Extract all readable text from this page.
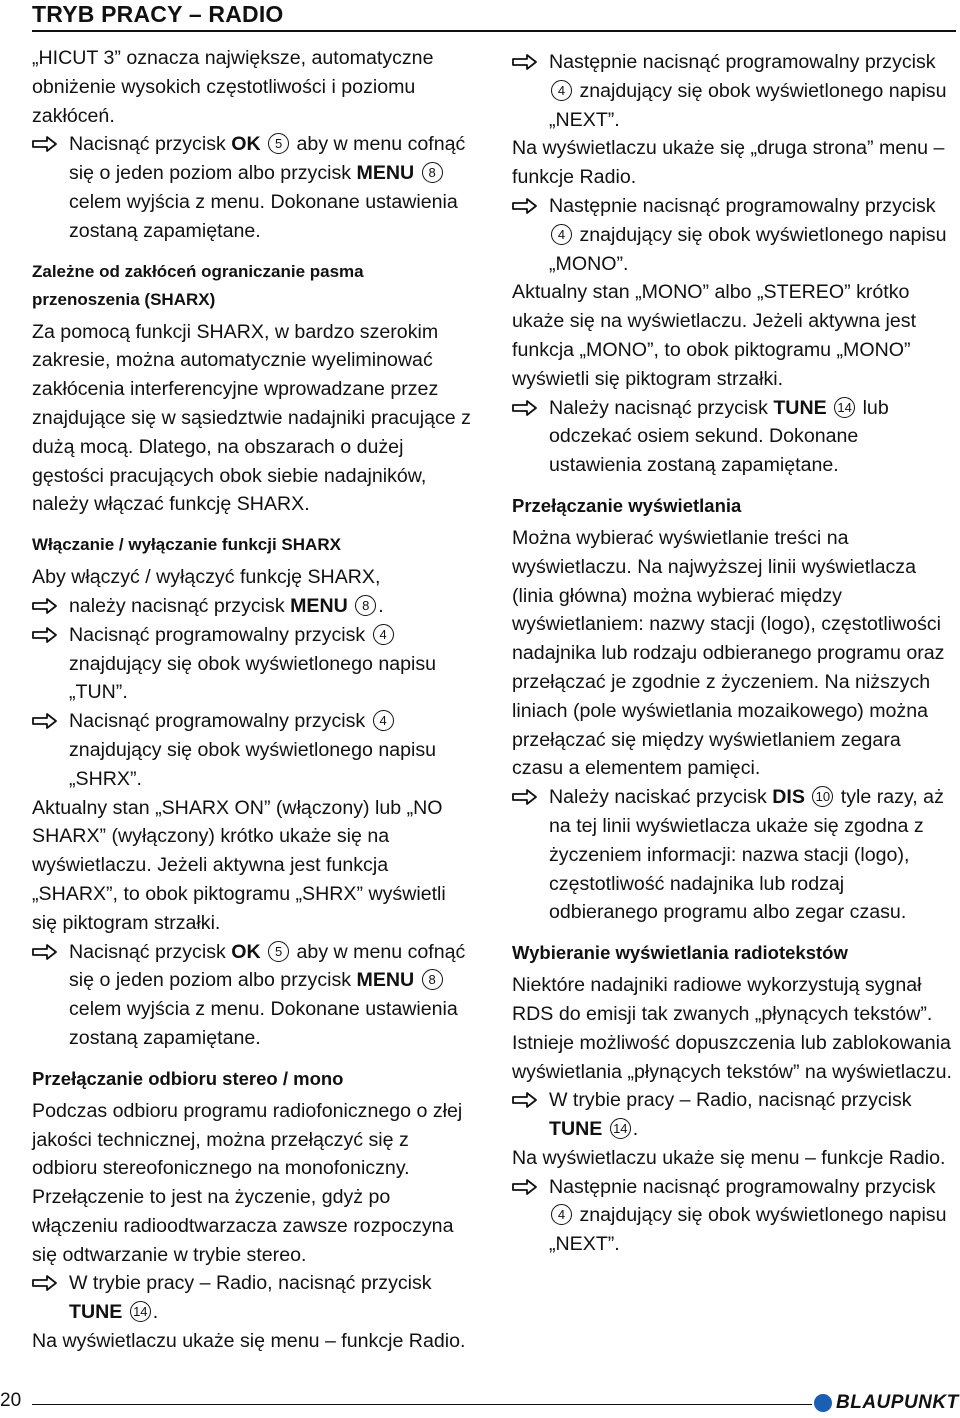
TRYB PRACY – RADIO

„HICUT 3” oznacza największe, automatyczne obniżenie wysokich częstotliwości i poziomu zakłóceń.

Nacisnąć przycisk OK 5 aby w menu cofnąć się o jeden poziom albo przycisk MENU 8 celem wyjścia z menu. Dokonane ustawienia zostaną zapamiętane.

Zależne od zakłóceń ograniczanie pasma przenoszenia (SHARX)

Za pomocą funkcji SHARX, w bardzo szerokim zakresie, można automatycznie wyeliminować zakłócenia interferencyjne wprowadzane przez znajdujące się w sąsiedztwie nadajniki pracujące z dużą mocą. Dlatego, na obszarach o dużej gęstości pracujących obok siebie nadajników, należy włączać funkcję SHARX.

Włączanie / wyłączanie funkcji SHARX

Aby włączyć / wyłączyć funkcję SHARX,

należy nacisnąć przycisk MENU 8 .

Nacisnąć programowalny przycisk 4 znajdujący się obok wyświetlonego napisu „TUN”.

Nacisnąć programowalny przycisk 4 znajdujący się obok wyświetlonego napisu „SHRX”.

Aktualny stan „SHARX ON” (włączony) lub „NO SHARX” (wyłączony) krótko ukaże się na wyświetlaczu. Jeżeli aktywna jest funkcja „SHARX”, to obok piktogramu „SHRX” wyświetli się piktogram strzałki.

Nacisnąć przycisk OK 5 aby w menu cofnąć się o jeden poziom albo przycisk MENU 8 celem wyjścia z menu. Dokonane ustawienia zostaną zapamiętane.

Przełączanie odbioru stereo / mono

Podczas odbioru programu radiofonicznego o złej jakości technicznej, można przełączyć się z odbioru stereofonicznego na monofoniczny. Przełączenie to jest na życzenie, gdyż po włączeniu radioodtwarzacza zawsze rozpoczyna się odtwarzanie w trybie stereo.

W trybie pracy – Radio, nacisnąć przycisk TUNE 14 .

Na wyświetlaczu ukaże się menu – funkcje Radio.

Następnie nacisnąć programowalny przycisk 4 znajdujący się obok wyświetlonego napisu „NEXT”.

Na wyświetlaczu ukaże się „druga strona” menu – funkcje Radio.

Następnie nacisnąć programowalny przycisk 4 znajdujący się obok wyświetlonego napisu „MONO”.

Aktualny stan „MONO” albo „STEREO” krótko ukaże się na wyświetlaczu. Jeżeli aktywna jest funkcja „MONO”, to obok piktogramu „MONO” wyświetli się piktogram strzałki.

Należy nacisnąć przycisk TUNE 14 lub odczekać osiem sekund. Dokonane ustawienia zostaną zapamiętane.

Przełączanie wyświetlania

Można wybierać wyświetlanie treści na wyświetlaczu. Na najwyższej linii wyświetlacza (linia główna) można wybierać między wyświetlaniem: nazwy stacji (logo), częstotliwości nadajnika lub rodzaju odbieranego programu oraz przełączać je zgodnie z życzeniem. Na niższych liniach (pole wyświetlania mozaikowego) można przełączać się między wyświetlaniem zegara czasu a elementem pamięci.

Należy naciskać przycisk DIS 10 tyle razy, aż na tej linii wyświetlacza ukaże się zgodna z życzeniem informacji: nazwa stacji (logo), częstotliwość nadajnika lub rodzaj odbieranego programu albo zegar czasu.

Wybieranie wyświetlania radiotekstów

Niektóre nadajniki radiowe wykorzystują sygnał RDS do emisji tak zwanych „płynących tekstów”. Istnieje możliwość dopuszczenia lub zablokowania wyświetlania „płynących tekstów” na wyświetlaczu.

W trybie pracy – Radio, nacisnąć przycisk TUNE 14 .

Na wyświetlaczu ukaże się menu – funkcje Radio.

Następnie nacisnąć programowalny przycisk 4 znajdujący się obok wyświetlonego napisu „NEXT”.

20	BLAUPUNKT
